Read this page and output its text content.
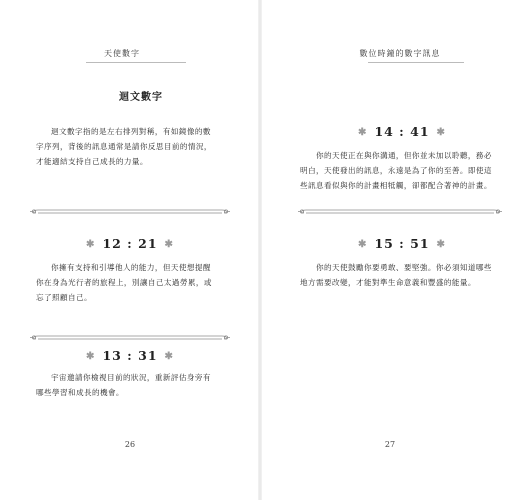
天使數字
迴文數字
迴文數字指的是左右排列對稱，有如鏡像的數字序列，背後的訊息通常是請你反思目前的情況，才能適結支持自己成長的力量。
✱ 12 : 21 ✱
你擁有支持和引導他人的能力，但天使想提醒你在身為光行者的旅程上，別讓自己太過勞累，或忘了照顧自己。
✱ 13 : 31 ✱
宇宙邀請你檢視目前的狀況，重新評估身旁有哪些學習和成長的機會。
26
數位時鐘的數字訊息
✱ 14 : 41 ✱
你的天使正在與你溝通，但你並未加以聆聽，務必明白，天使發出的訊息，永遠是為了你的至善。即使這些訊息看似與你的計畫相牴觸，卻都配合著神的計畫。
✱ 15 : 51 ✱
你的天使鼓勵你要勇敢、要堅強。你必須知道哪些地方需要改變，才能對準生命意義和豐盛的能量。
27
